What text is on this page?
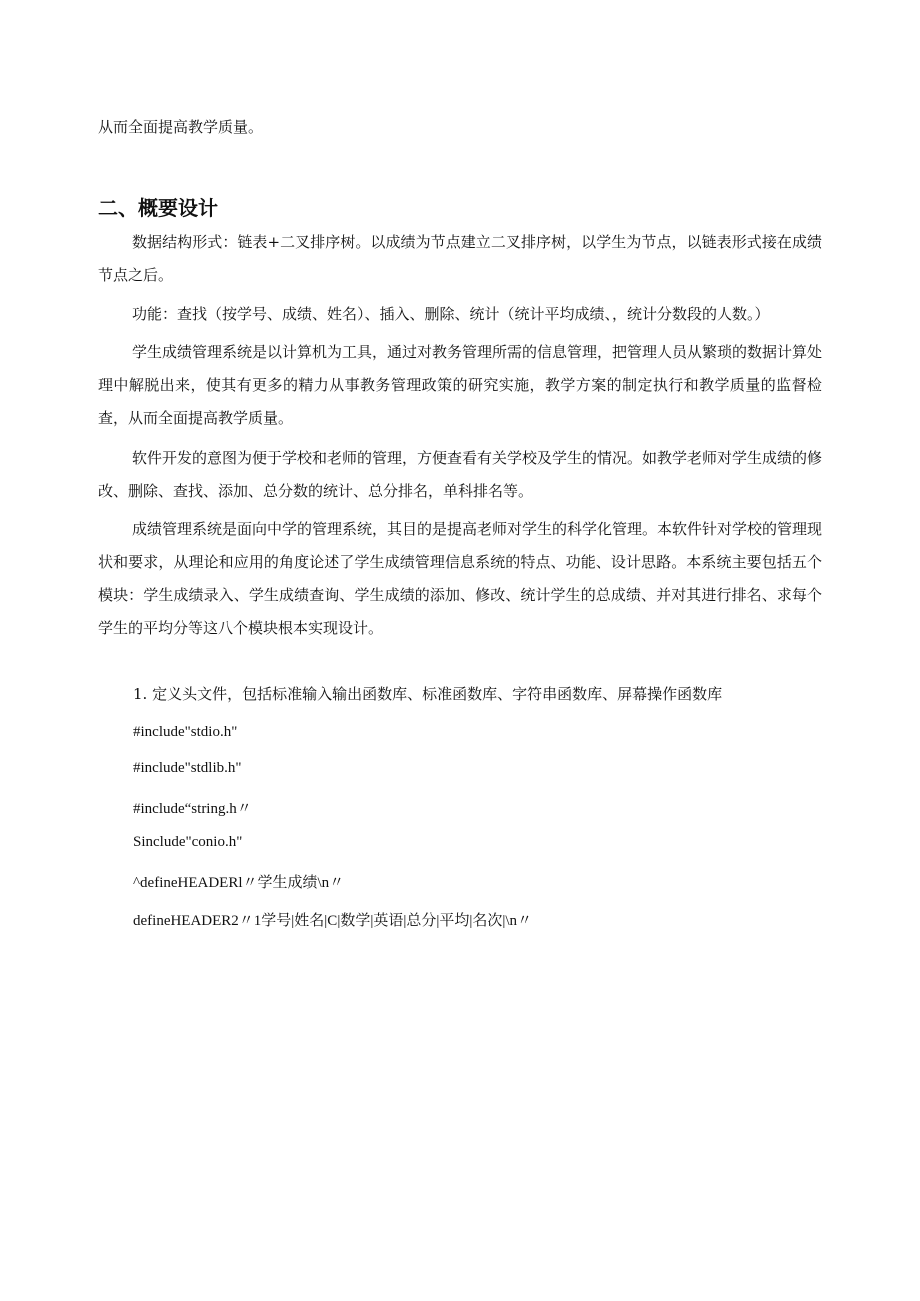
从而全面提高教学质量。
二、概要设计
数据结构形式：链表+二叉排序树。以成绩为节点建立二叉排序树，以学生为节点，以链表形式接在成绩节点之后。
功能：查找（按学号、成绩、姓名）、插入、删除、统计（统计平均成绩、，统计分数段的人数。）
学生成绩管理系统是以计算机为工具，通过对教务管理所需的信息管理，把管理人员从繁琐的数据计算处理中解脱出来，使其有更多的精力从事教务管理政策的研究实施，教学方案的制定执行和教学质量的监督检查，从而全面提高教学质量。
软件开发的意图为便于学校和老师的管理，方便查看有关学校及学生的情况。如教学老师对学生成绩的修改、删除、查找、添加、总分数的统计、总分排名，单科排名等。
成绩管理系统是面向中学的管理系统，其目的是提高老师对学生的科学化管理。本软件针对学校的管理现状和要求，从理论和应用的角度论述了学生成绩管理信息系统的特点、功能、设计思路。本系统主要包括五个模块：学生成绩录入、学生成绩查询、学生成绩的添加、修改、统计学生的总成绩、并对其进行排名、求每个学生的平均分等这八个模块根本实现设计。
1. 定义头文件，包括标准输入输出函数库、标准函数库、字符串函数库、屏幕操作函数库
#include"stdio.h"
#include"stdlib.h"
#include“string.h〃
Sinclude"conio.h"
^defineHEADERl〃学生成绩\n〃
defineHEADER2〃1学号|姓名|C|数学|英语|总分|平均|名次|\n〃
